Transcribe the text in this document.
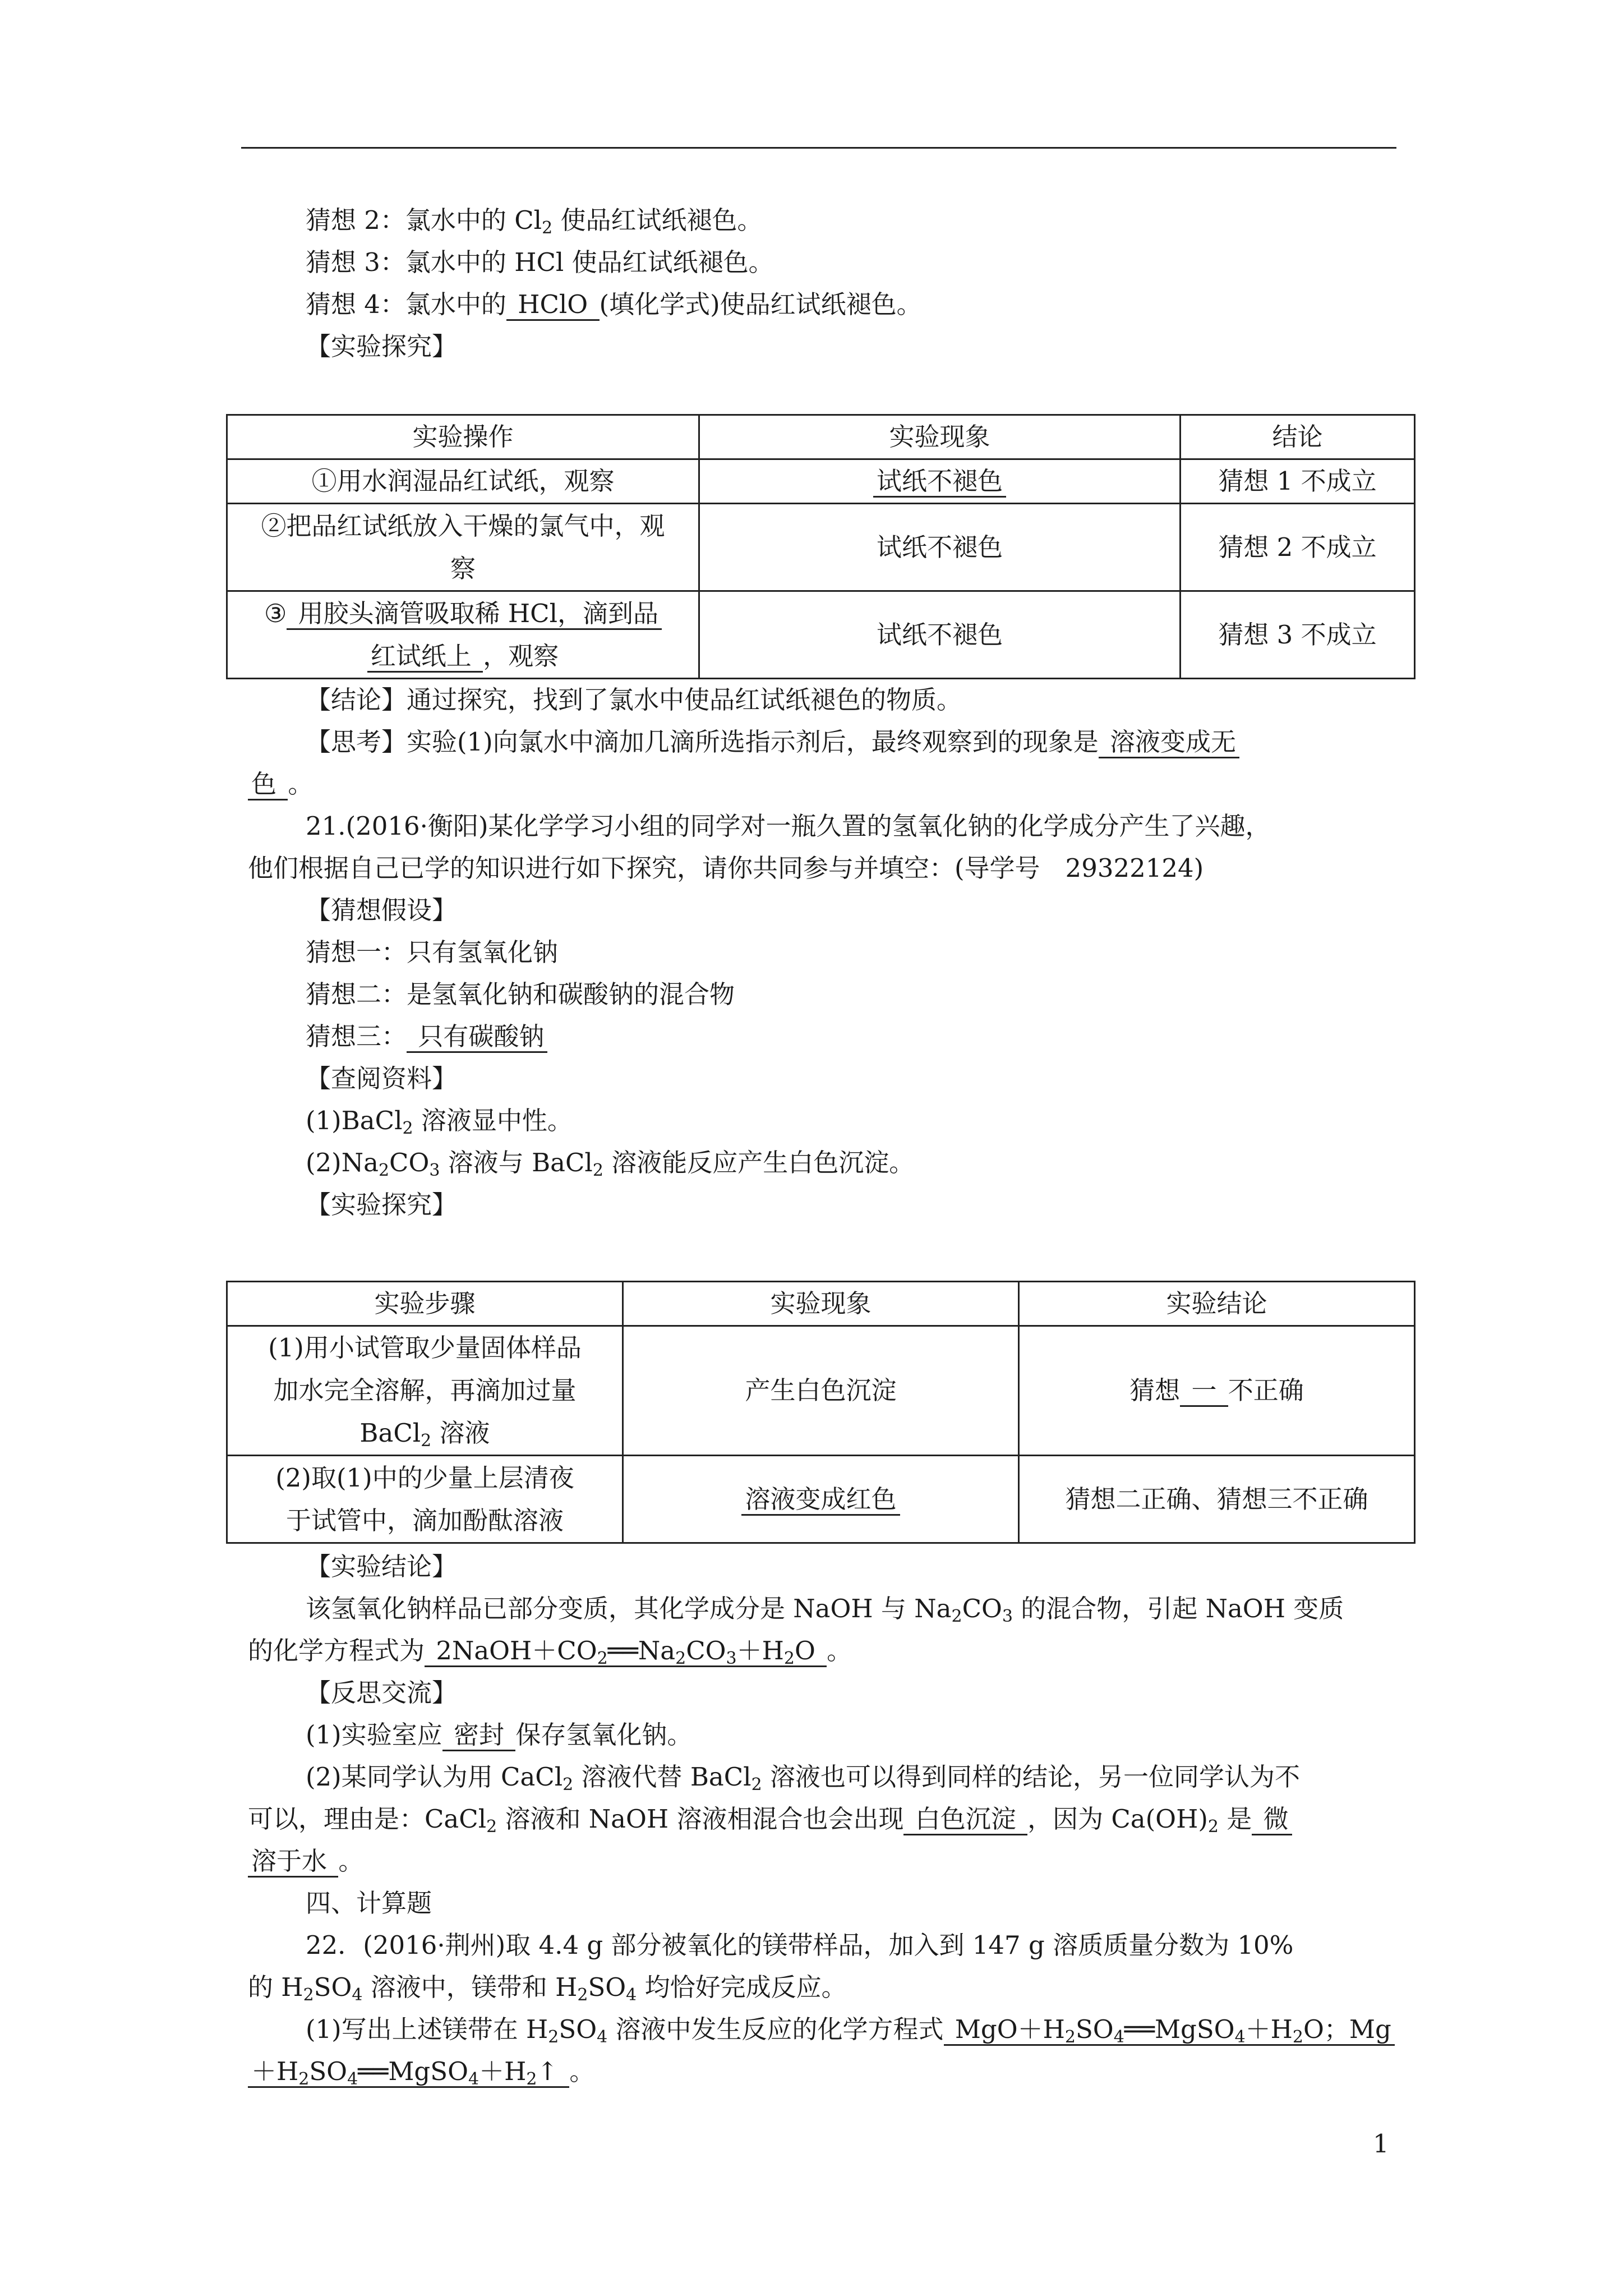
猜想 2：氯水中的 $Cl_2$ 使品红试纸褪色。
猜想 3：氯水中的 HCl 使品红试纸褪色。
猜想 4：氯水中的 HClO (填化学式)使品红试纸褪色。
【实验探究】
实验操作	实验现象	结论
①用水润湿品红试纸，观察	试纸不褪色	猜想 1 不成立
②把品红试纸放入干燥的氯气中，观
察	试纸不褪色	猜想 2 不成立
③ 用胶头滴管吸取稀 HCl，滴到品
红试纸上 ，观察	试纸不褪色	猜想 3 不成立
【结论】通过探究，找到了氯水中使品红试纸褪色的物质。
【思考】实验(1)向氯水中滴加几滴所选指示剂后，最终观察到的现象是 溶液变成无
色 。
21.(2016·衡阳)某化学学习小组的同学对一瓶久置的氢氧化钠的化学成分产生了兴趣，
他们根据自己已学的知识进行如下探究，请你共同参与并填空：(导学号　29322124)
【猜想假设】
猜想一：只有氢氧化钠
猜想二：是氢氧化钠和碳酸钠的混合物
猜想三： 只有碳酸钠
【查阅资料】
(1)BaCl$_2$ 溶液显中性。
$(2)Na_2CO_3$ 溶液与 BaCl$_2$ 溶液能反应产生白色沉淀。
【实验探究】
实验步骤	实验现象	实验结论
(1)用小试管取少量固体样品
加水完全溶解，再滴加过量
BaCl$_2$ 溶液	产生白色沉淀	猜想 一 不正确
(2)取(1)中的少量上层清夜
于试管中，滴加酚酞溶液	溶液变成红色	猜想二正确、猜想三不正确
【实验结论】
该氢氧化钠样品已部分变质，其化学成分是 NaOH 与 $Na_2CO_3$ 的混合物，引起 NaOH 变质
的化学方程式为 $2NaOH+CO_2══Na_2CO_3+H_2O$ 。
【反思交流】
(1)实验室应 密封 保存氢氧化钠。
(2)某同学认为用 CaCl$_2$ 溶液代替 BaCl$_2$ 溶液也可以得到同样的结论，另一位同学认为不
可以，理由是：CaCl$_2$ 溶液和 NaOH 溶液相混合也会出现 白色沉淀 ，因为 $Ca(OH)_2$ 是 微
溶于水 。
四、计算题
22．(2016·荆州)取 4.4 g 部分被氧化的镁带样品，加入到 147 g 溶质质量分数为 10%
的 $H_2SO_4$ 溶液中，镁带和 $H_2SO_4$ 均恰好完成反应。
(1)写出上述镁带在 $H_2SO_4$ 溶液中发生反应的化学方程式 $MgO+H_2SO_4══MgSO_4+H_2O$；Mg
$+H_2SO_4══MgSO_4+H_2↑$ 。
1
